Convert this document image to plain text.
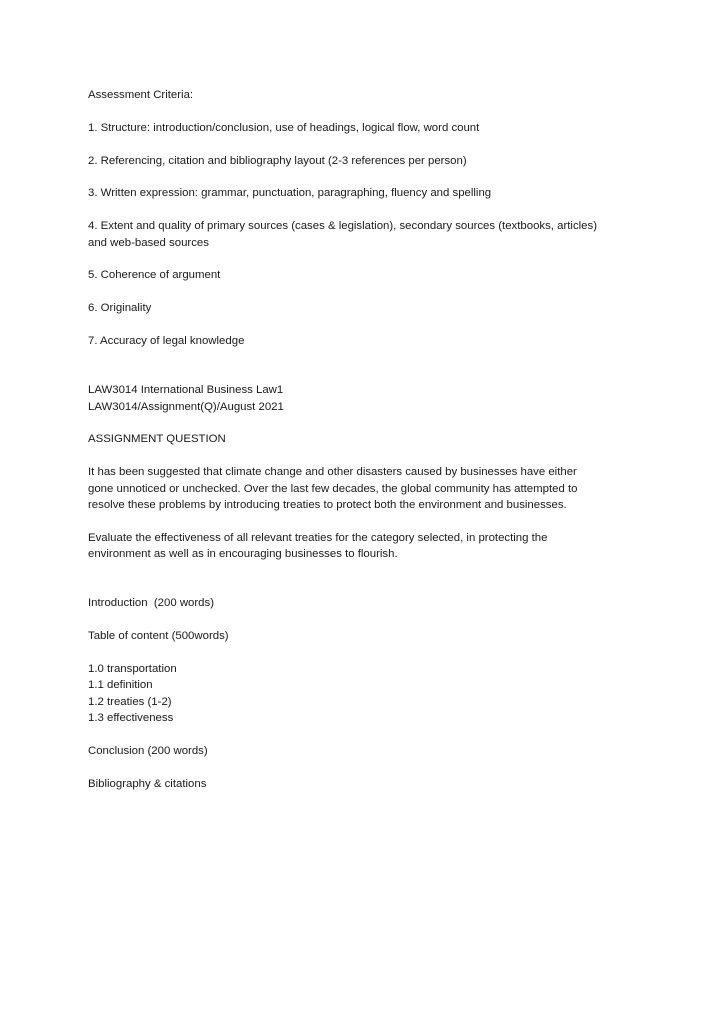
Assessment Criteria:

1. Structure: introduction/conclusion, use of headings, logical flow, word count

2. Referencing, citation and bibliography layout (2-3 references per person)

3. Written expression: grammar, punctuation, paragraphing, fluency and spelling

4. Extent and quality of primary sources (cases & legislation), secondary sources (textbooks, articles)
and web-based sources

5. Coherence of argument

6. Originality

7. Accuracy of legal knowledge

LAW3014 International Business Law1
LAW3014/Assignment(Q)/August 2021

ASSIGNMENT QUESTION

It has been suggested that climate change and other disasters caused by businesses have either
gone unnoticed or unchecked. Over the last few decades, the global community has attempted to
resolve these problems by introducing treaties to protect both the environment and businesses.

Evaluate the effectiveness of all relevant treaties for the category selected, in protecting the
environment as well as in encouraging businesses to flourish.

Introduction  (200 words)

Table of content (500words)

1.0 transportation
1.1 definition
1.2 treaties (1-2)
1.3 effectiveness

Conclusion (200 words)

Bibliography & citations
